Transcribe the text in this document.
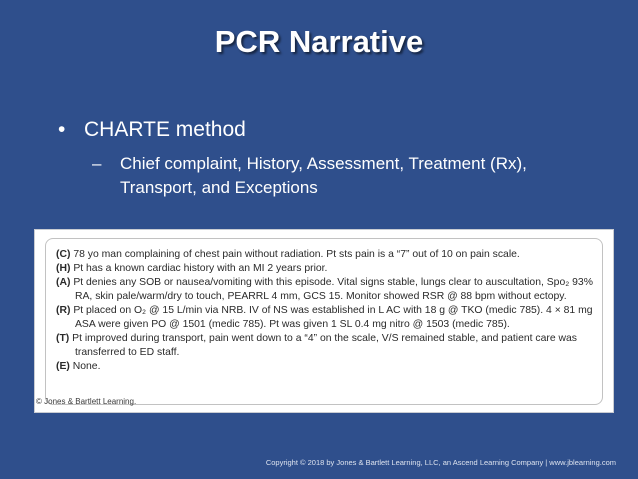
PCR Narrative
• CHARTE method
– Chief complaint, History, Assessment, Treatment (Rx), Transport, and Exceptions
(C) 78 yo man complaining of chest pain without radiation. Pt sts pain is a “7” out of 10 on pain scale.
(H) Pt has a known cardiac history with an MI 2 years prior.
(A) Pt denies any SOB or nausea/vomiting with this episode. Vital signs stable, lungs clear to auscultation, Spo₂ 93% RA, skin pale/warm/dry to touch, PEARRL 4 mm, GCS 15. Monitor showed RSR @ 88 bpm without ectopy.
(R) Pt placed on O₂ @ 15 L/min via NRB. IV of NS was established in L AC with 18 g @ TKO (medic 785). 4 × 81 mg ASA were given PO @ 1501 (medic 785). Pt was given 1 SL 0.4 mg nitro @ 1503 (medic 785).
(T) Pt improved during transport, pain went down to a “4” on the scale, V/S remained stable, and patient care was transferred to ED staff.
(E) None.
© Jones & Bartlett Learning.
Copyright © 2018 by Jones & Bartlett Learning, LLC, an Ascend Learning Company | www.jblearning.com
